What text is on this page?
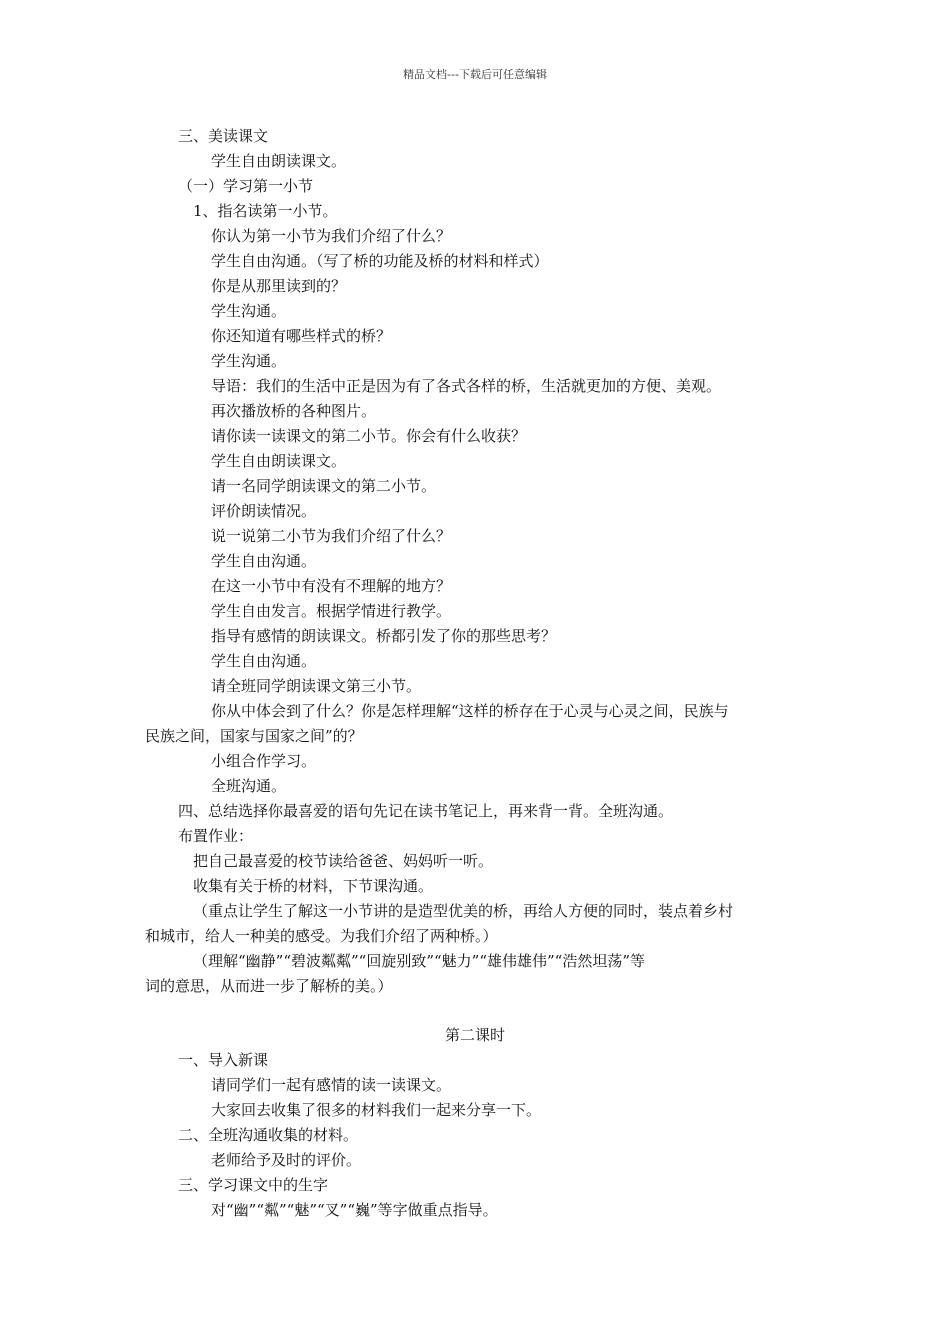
精品文档---下载后可任意编辑
三、美读课文
学生自由朗读课文。
（一）学习第一小节
1、指名读第一小节。
你认为第一小节为我们介绍了什么？
学生自由沟通。（写了桥的功能及桥的材料和样式）
你是从那里读到的？
学生沟通。
你还知道有哪些样式的桥？
学生沟通。
导语：我们的生活中正是因为有了各式各样的桥，生活就更加的方便、美观。
再次播放桥的各种图片。
请你读一读课文的第二小节。你会有什么收获？
学生自由朗读课文。
请一名同学朗读课文的第二小节。
评价朗读情况。
说一说第二小节为我们介绍了什么？
学生自由沟通。
在这一小节中有没有不理解的地方？
学生自由发言。根据学情进行教学。
指导有感情的朗读课文。桥都引发了你的那些思考？
学生自由沟通。
请全班同学朗读课文第三小节。
你从中体会到了什么？你是怎样理解“这样的桥存在于心灵与心灵之间，民族与
民族之间，国家与国家之间”的？
小组合作学习。
全班沟通。
四、总结选择你最喜爱的语句先记在读书笔记上，再来背一背。全班沟通。
布置作业：
把自己最喜爱的校节读给爸爸、妈妈听一听。
收集有关于桥的材料，下节课沟通。
（重点让学生了解这一小节讲的是造型优美的桥，再给人方便的同时，装点着乡村
和城市，给人一种美的感受。为我们介绍了两种桥。）
（理解“幽静”“碧波粼粼”“回旋别致”“魅力”“雄伟雄伟”“浩然坦荡”等
词的意思，从而进一步了解桥的美。）
第二课时
一、导入新课
请同学们一起有感情的读一读课文。
大家回去收集了很多的材料我们一起来分享一下。
二、全班沟通收集的材料。
老师给予及时的评价。
三、学习课文中的生字
对“幽”“粼”“魅”“叉”“巍”等字做重点指导。
